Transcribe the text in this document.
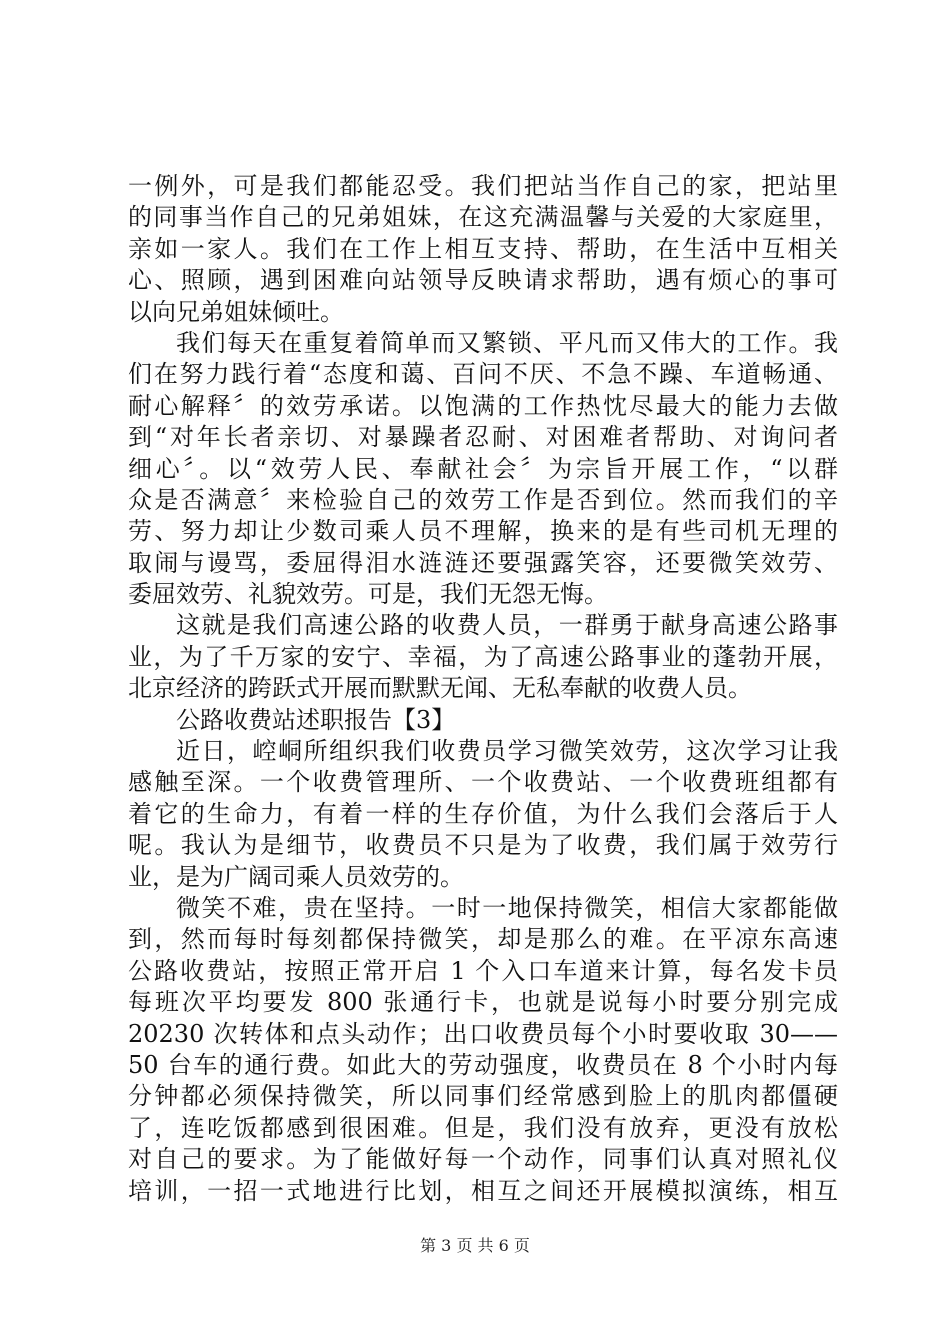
一例外，可是我们都能忍受。我们把站当作自己的家，把站里
的同事当作自己的兄弟姐妹，在这充满温馨与关爱的大家庭里，
亲如一家人。我们在工作上相互支持、帮助，在生活中互相关
心、照顾，遇到困难向站领导反映请求帮助，遇有烦心的事可
以向兄弟姐妹倾吐。
我们每天在重复着简单而又繁锁、平凡而又伟大的工作。我
们在努力践行着“态度和蔼、百问不厌、不急不躁、车道畅通、
耐心解释〞的效劳承诺。以饱满的工作热忱尽最大的能力去做
到“对年长者亲切、对暴躁者忍耐、对困难者帮助、对询问者
细心〞。以“效劳人民、奉献社会〞为宗旨开展工作，“以群
众是否满意〞来检验自己的效劳工作是否到位。然而我们的辛
劳、努力却让少数司乘人员不理解，换来的是有些司机无理的
取闹与谩骂，委屈得泪水涟涟还要强露笑容，还要微笑效劳、
委屈效劳、礼貌效劳。可是，我们无怨无悔。
这就是我们高速公路的收费人员，一群勇于献身高速公路事
业，为了千万家的安宁、幸福，为了高速公路事业的蓬勃开展，
北京经济的跨跃式开展而默默无闻、无私奉献的收费人员。
公路收费站述职报告【3】
近日，崆峒所组织我们收费员学习微笑效劳，这次学习让我
感触至深。一个收费管理所、一个收费站、一个收费班组都有
着它的生命力，有着一样的生存价值，为什么我们会落后于人
呢。我认为是细节，收费员不只是为了收费，我们属于效劳行
业，是为广阔司乘人员效劳的。
微笑不难，贵在坚持。一时一地保持微笑，相信大家都能做
到，然而每时每刻都保持微笑，却是那么的难。在平凉东高速
公路收费站，按照正常开启 1 个入口车道来计算，每名发卡员
每班次平均要发 800 张通行卡，也就是说每小时要分别完成
20230 次转体和点头动作；出口收费员每个小时要收取 30——
50 台车的通行费。如此大的劳动强度，收费员在 8 个小时内每
分钟都必须保持微笑，所以同事们经常感到脸上的肌肉都僵硬
了，连吃饭都感到很困难。但是，我们没有放弃，更没有放松
对自己的要求。为了能做好每一个动作，同事们认真对照礼仪
培训，一招一式地进行比划，相互之间还开展模拟演练，相互
第 3 页 共 6 页
